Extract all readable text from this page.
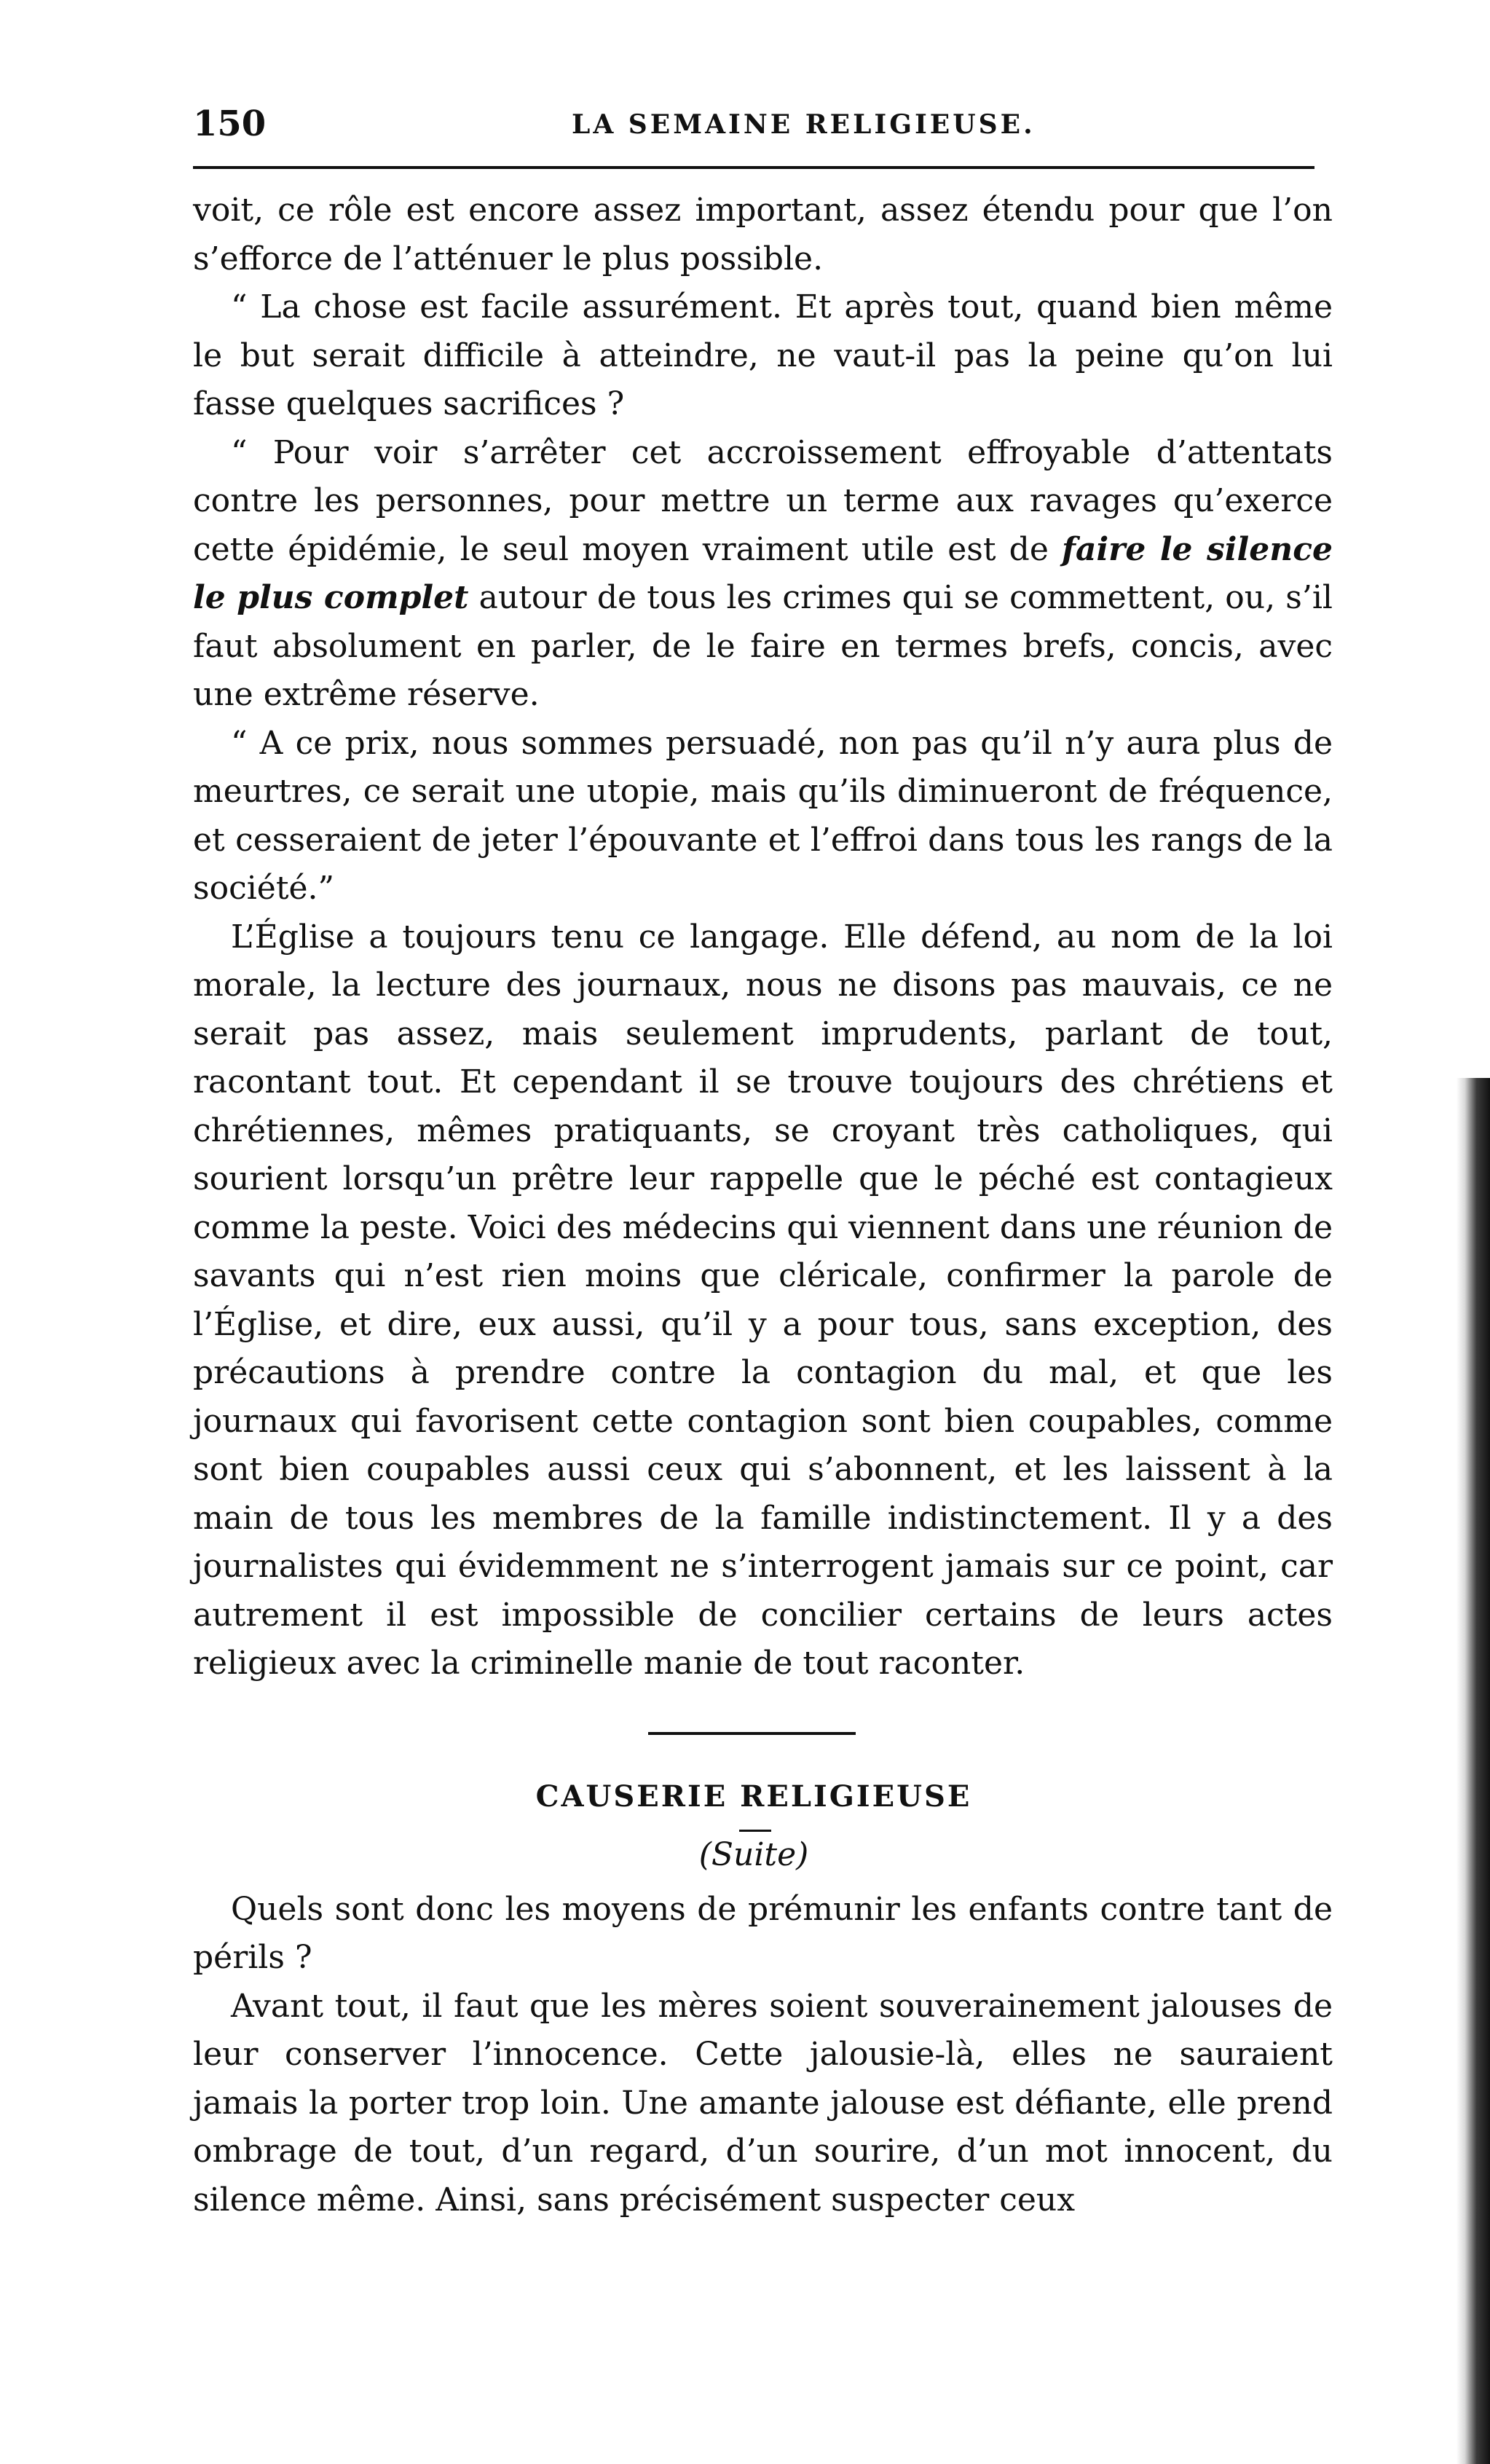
150	LA SEMAINE RELIGIEUSE.

voit, ce rôle est encore assez important, assez étendu pour que l’on s’efforce de l’atténuer le plus possible.

“ La chose est facile assurément. Et après tout, quand bien même le but serait difficile à atteindre, ne vaut-il pas la peine qu’on lui fasse quelques sacrifices ?

“ Pour voir s’arrêter cet accroissement effroyable d’attentats contre les personnes, pour mettre un terme aux ravages qu’exerce cette épidémie, le seul moyen vraiment utile est de faire le silence le plus complet autour de tous les crimes qui se commettent, ou, s’il faut absolument en parler, de le faire en termes brefs, concis, avec une extrême réserve.

“ A ce prix, nous sommes persuadé, non pas qu’il n’y aura plus de meurtres, ce serait une utopie, mais qu’ils diminueront de fréquence, et cesseraient de jeter l’épouvante et l’effroi dans tous les rangs de la société.”

L’Église a toujours tenu ce langage. Elle défend, au nom de la loi morale, la lecture des journaux, nous ne disons pas mauvais, ce ne serait pas assez, mais seulement imprudents, parlant de tout, racontant tout. Et cependant il se trouve toujours des chrétiens et chrétiennes, mêmes pratiquants, se croyant très catholiques, qui sourient lorsqu’un prêtre leur rappelle que le péché est contagieux comme la peste. Voici des médecins qui viennent dans une réunion de savants qui n’est rien moins que cléricale, confirmer la parole de l’Église, et dire, eux aussi, qu’il y a pour tous, sans exception, des précautions à prendre contre la contagion du mal, et que les journaux qui favorisent cette contagion sont bien coupables, comme sont bien coupables aussi ceux qui s’abonnent, et les laissent à la main de tous les membres de la famille indistinctement. Il y a des journalistes qui évidemment ne s’interrogent jamais sur ce point, car autrement il est impossible de concilier certains de leurs actes religieux avec la criminelle manie de tout raconter.

CAUSERIE RELIGIEUSE
(Suite)

Quels sont donc les moyens de prémunir les enfants contre tant de périls ?

Avant tout, il faut que les mères soient souverainement jalouses de leur conserver l’innocence. Cette jalousie-là, elles ne sauraient jamais la porter trop loin. Une amante jalouse est défiante, elle prend ombrage de tout, d’un regard, d’un sourire, d’un mot innocent, du silence même. Ainsi, sans précisément suspecter ceux
